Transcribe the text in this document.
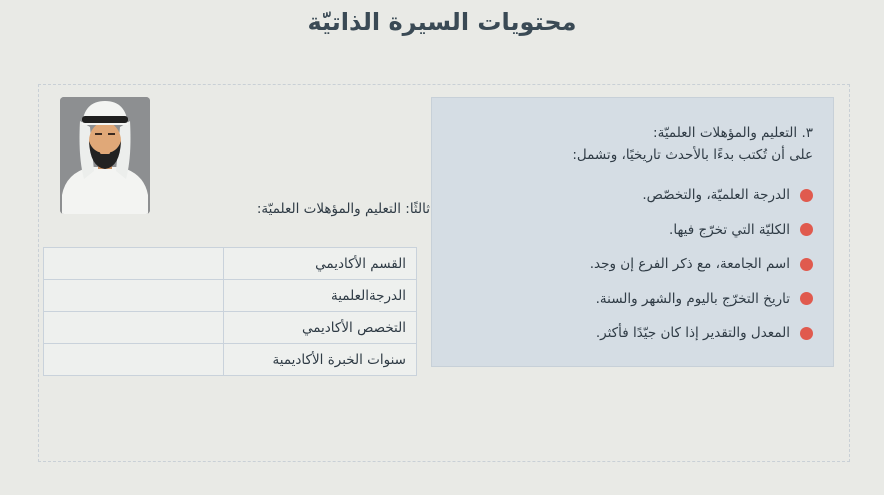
محتويات السيرة الذاتيّة
ثالثًا: التعليم والمؤهلات العلميّة:
القسم الأكاديمي	
الدرجةالعلمية	
التخصص الأكاديمي	
سنوات الخبرة الأكاديمية	
٣. التعليم والمؤهلات العلميّة:
على أن تُكتب بدءًا بالأحدث تاريخيًا، وتشمل:
الدرجة العلميّة، والتخصّص.
الكليّة التي تخرّج فيها.
اسم الجامعة، مع ذكر الفرع إن وجد.
تاريخ التخرّج باليوم والشهر والسنة.
المعدل والتقدير إذا كان جيّدًا فأكثر.
